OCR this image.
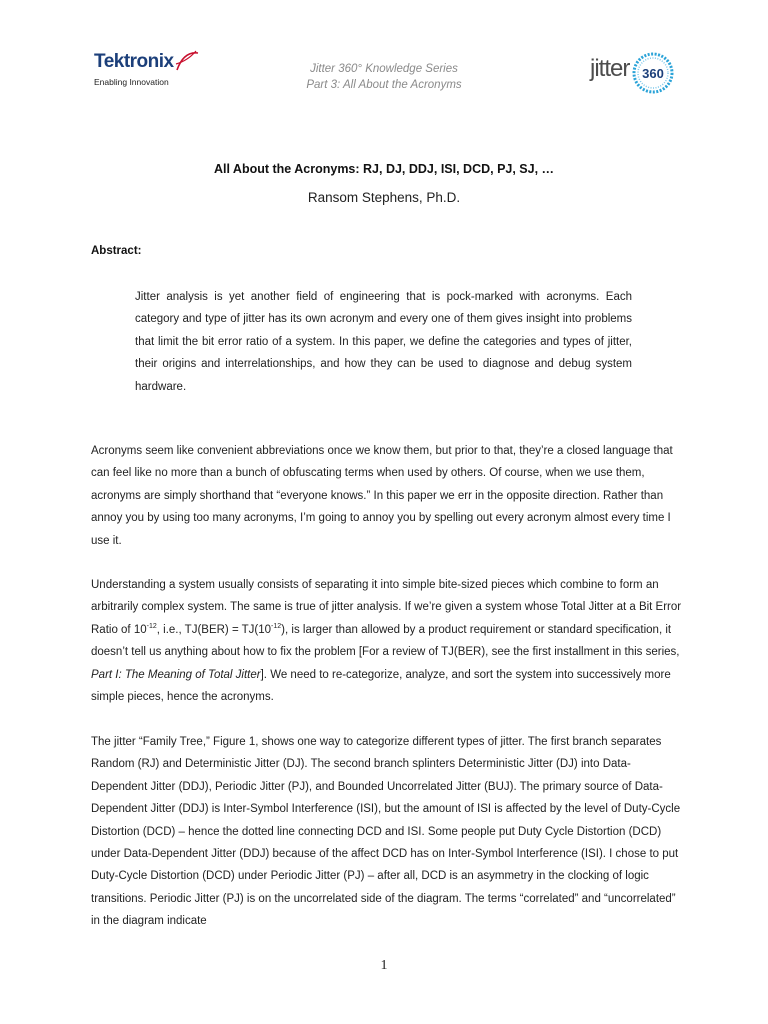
Tektronix
Enabling Innovation
Jitter 360° Knowledge Series
Part 3: All About the Acronyms
jitter 360
All About the Acronyms: RJ, DJ, DDJ, ISI, DCD, PJ, SJ, …
Ransom Stephens, Ph.D.
Abstract:
Jitter analysis is yet another field of engineering that is pock-marked with acronyms. Each category and type of jitter has its own acronym and every one of them gives insight into problems that limit the bit error ratio of a system. In this paper, we define the categories and types of jitter, their origins and interrelationships, and how they can be used to diagnose and debug system hardware.
Acronyms seem like convenient abbreviations once we know them, but prior to that, they’re a closed language that can feel like no more than a bunch of obfuscating terms when used by others. Of course, when we use them, acronyms are simply shorthand that “everyone knows.” In this paper we err in the opposite direction. Rather than annoy you by using too many acronyms, I’m going to annoy you by spelling out every acronym almost every time I use it.
Understanding a system usually consists of separating it into simple bite-sized pieces which combine to form an arbitrarily complex system. The same is true of jitter analysis. If we’re given a system whose Total Jitter at a Bit Error Ratio of $10^{-12}$, i.e., $TJ(BER) = TJ(10^{-12})$, is larger than allowed by a product requirement or standard specification, it doesn’t tell us anything about how to fix the problem [For a review of TJ(BER), see the first installment in this series, Part I: The Meaning of Total Jitter]. We need to re-categorize, analyze, and sort the system into successively more simple pieces, hence the acronyms.
The jitter “Family Tree,” Figure 1, shows one way to categorize different types of jitter. The first branch separates Random (RJ) and Deterministic Jitter (DJ). The second branch splinters Deterministic Jitter (DJ) into Data-Dependent Jitter (DDJ), Periodic Jitter (PJ), and Bounded Uncorrelated Jitter (BUJ). The primary source of Data-Dependent Jitter (DDJ) is Inter-Symbol Interference (ISI), but the amount of ISI is affected by the level of Duty-Cycle Distortion (DCD) – hence the dotted line connecting DCD and ISI. Some people put Duty Cycle Distortion (DCD) under Data-Dependent Jitter (DDJ) because of the affect DCD has on Inter-Symbol Interference (ISI). I chose to put Duty-Cycle Distortion (DCD) under Periodic Jitter (PJ) – after all, DCD is an asymmetry in the clocking of logic transitions. Periodic Jitter (PJ) is on the uncorrelated side of the diagram. The terms “correlated” and “uncorrelated” in the diagram indicate
1
